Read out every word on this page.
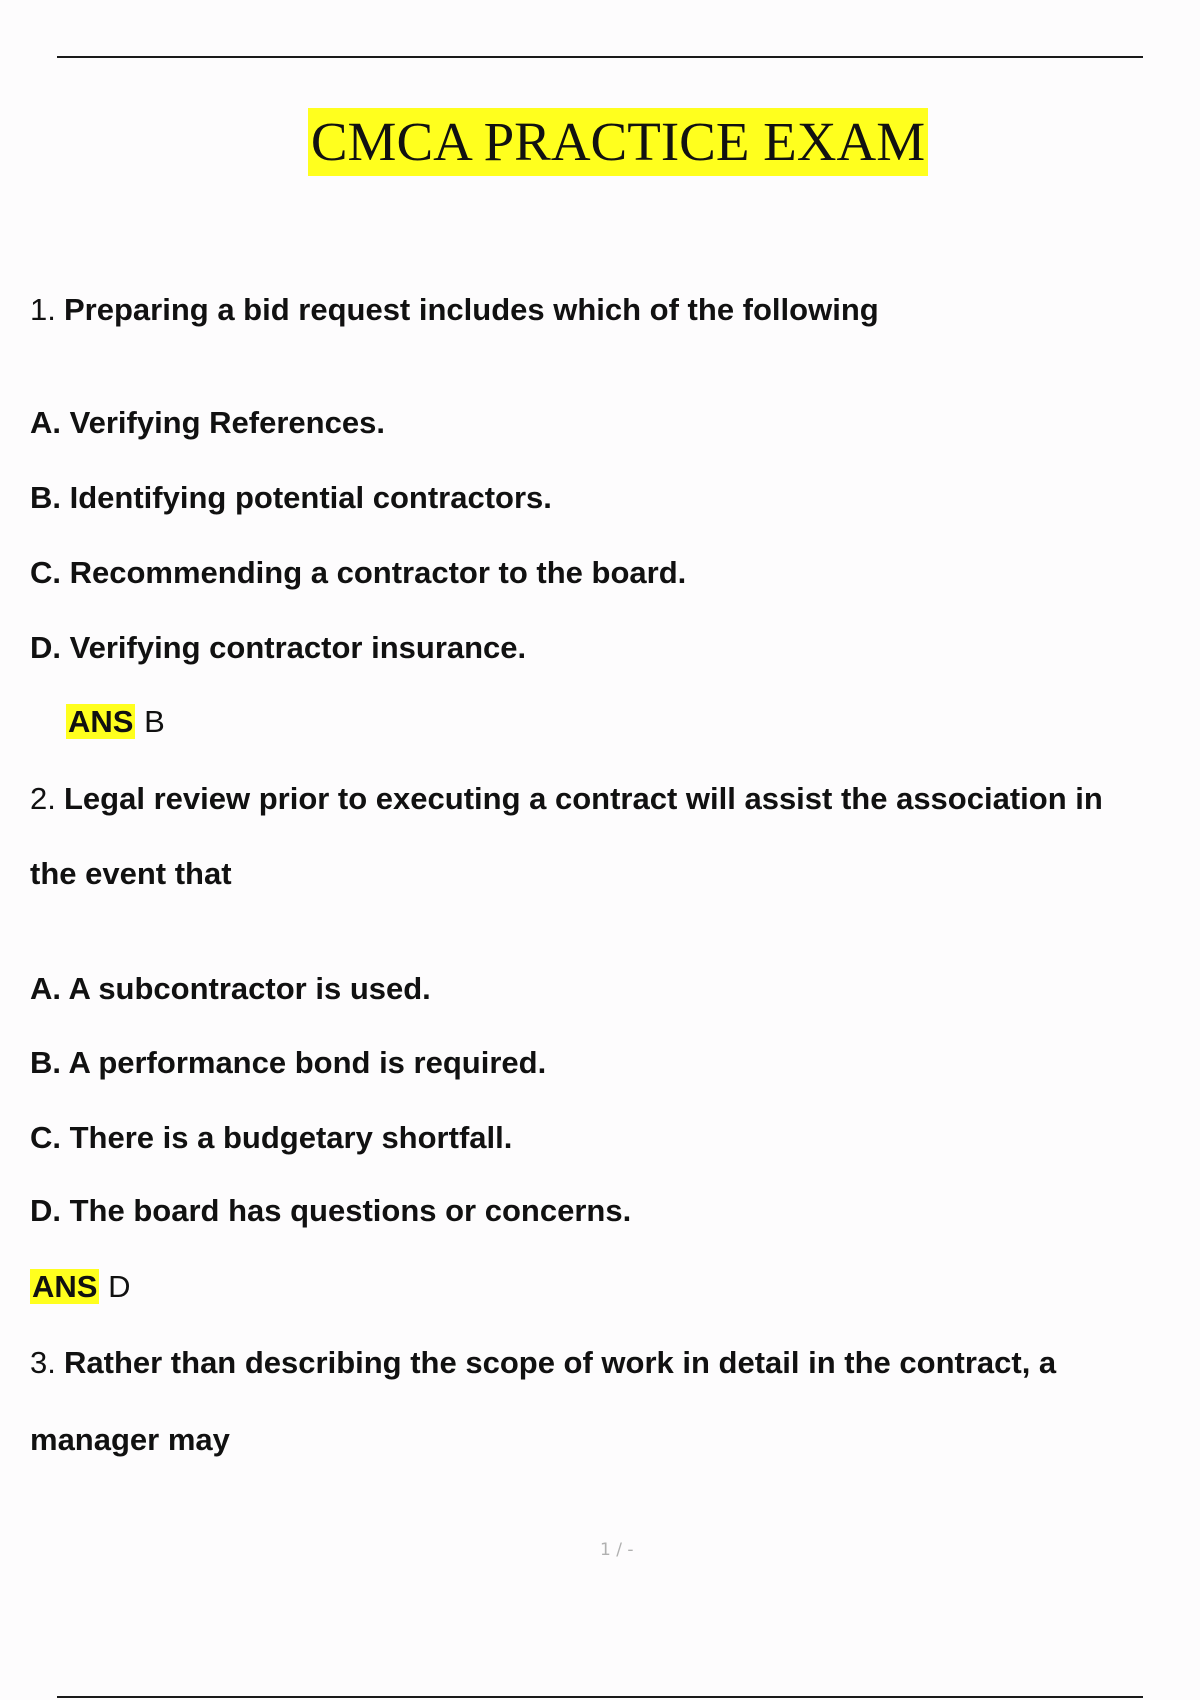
CMCA PRACTICE EXAM
1. Preparing a bid request includes which of the following
A. Verifying References.
B. Identifying potential contractors.
C. Recommending a contractor to the board.
D. Verifying contractor insurance.
ANS B
2. Legal review prior to executing a contract will assist the association in
the event that
A. A subcontractor is used.
B. A performance bond is required.
C. There is a budgetary shortfall.
D. The board has questions or concerns.
ANS D
3. Rather than describing the scope of work in detail in the contract, a
manager may
1 / -
